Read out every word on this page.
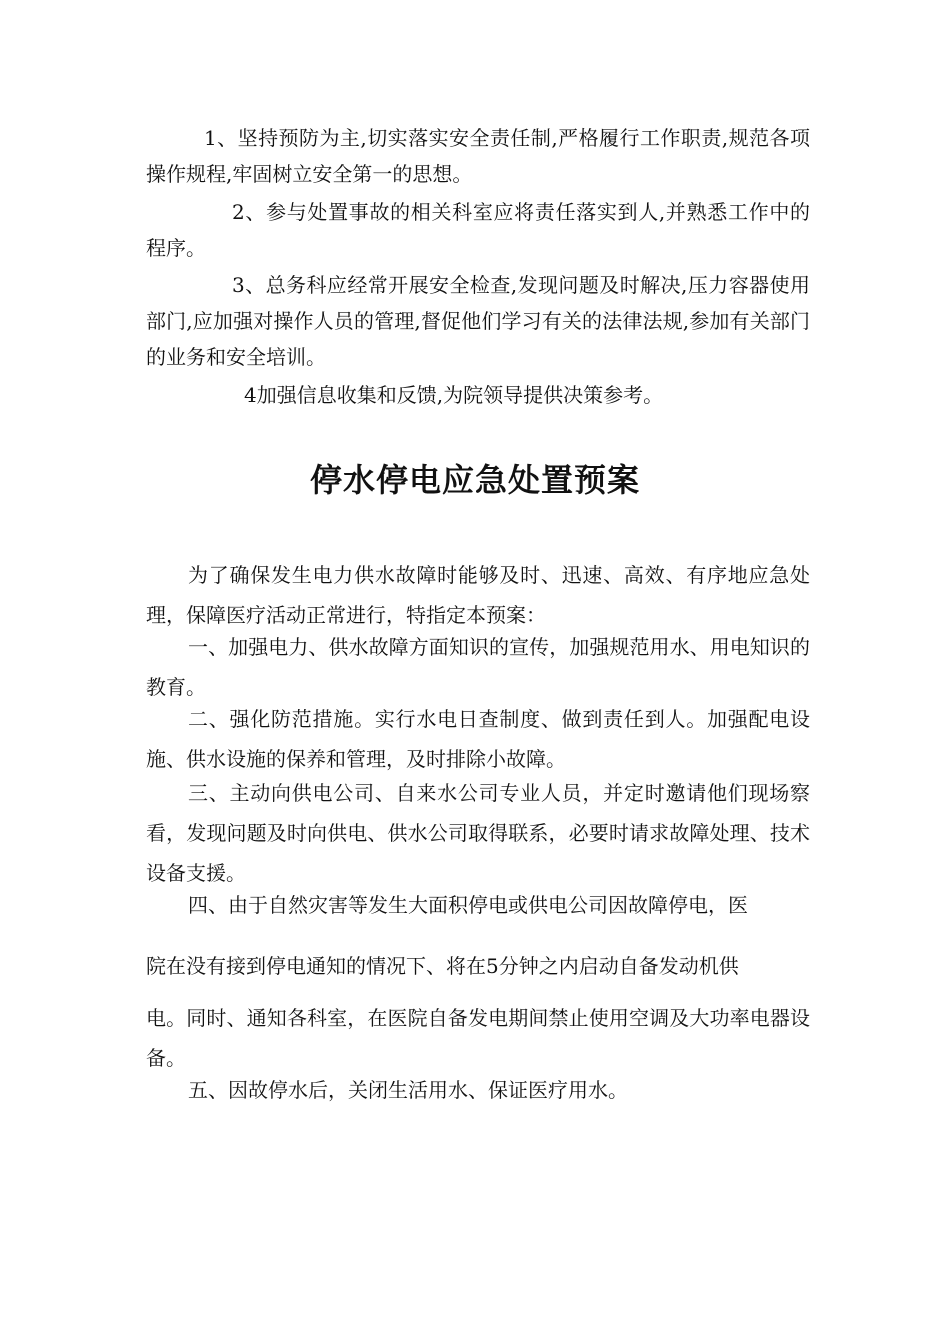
1、坚持预防为主,切实落实安全责任制,严格履行工作职责,规范各项操作规程,牢固树立安全第一的思想。

2、参与处置事故的相关科室应将责任落实到人,并熟悉工作中的程序。

3、总务科应经常开展安全检查,发现问题及时解决,压力容器使用部门,应加强对操作人员的管理,督促他们学习有关的法律法规,参加有关部门的业务和安全培训。

4加强信息收集和反馈,为院领导提供决策参考。

停水停电应急处置预案

为了确保发生电力供水故障时能够及时、迅速、高效、有序地应急处理，保障医疗活动正常进行，特指定本预案：

一、加强电力、供水故障方面知识的宣传，加强规范用水、用电知识的教育。

二、强化防范措施。实行水电日查制度、做到责任到人。加强配电设施、供水设施的保养和管理，及时排除小故障。

三、主动向供电公司、自来水公司专业人员，并定时邀请他们现场察看，发现问题及时向供电、供水公司取得联系，必要时请求故障处理、技术设备支援。

四、由于自然灾害等发生大面积停电或供电公司因故障停电，医

院在没有接到停电通知的情况下、将在5分钟之内启动自备发动机供

电。同时、通知各科室，在医院自备发电期间禁止使用空调及大功率电器设备。

五、因故停水后，关闭生活用水、保证医疗用水。
